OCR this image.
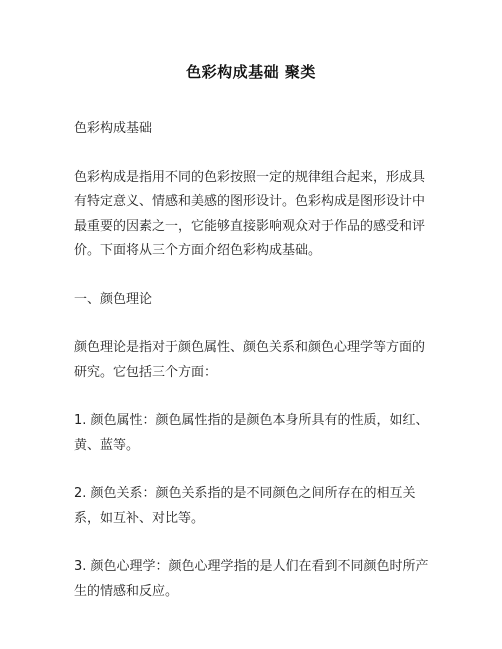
色彩构成基础 聚类

色彩构成基础

色彩构成是指用不同的色彩按照一定的规律组合起来，形成具有特定意义、情感和美感的图形设计。色彩构成是图形设计中最重要的因素之一，它能够直接影响观众对于作品的感受和评价。下面将从三个方面介绍色彩构成基础。

一、颜色理论

颜色理论是指对于颜色属性、颜色关系和颜色心理学等方面的研究。它包括三个方面：

1. 颜色属性：颜色属性指的是颜色本身所具有的性质，如红、黄、蓝等。

2. 颜色关系：颜色关系指的是不同颜色之间所存在的相互关系，如互补、对比等。

3. 颜色心理学：颜色心理学指的是人们在看到不同颜色时所产生的情感和反应。
